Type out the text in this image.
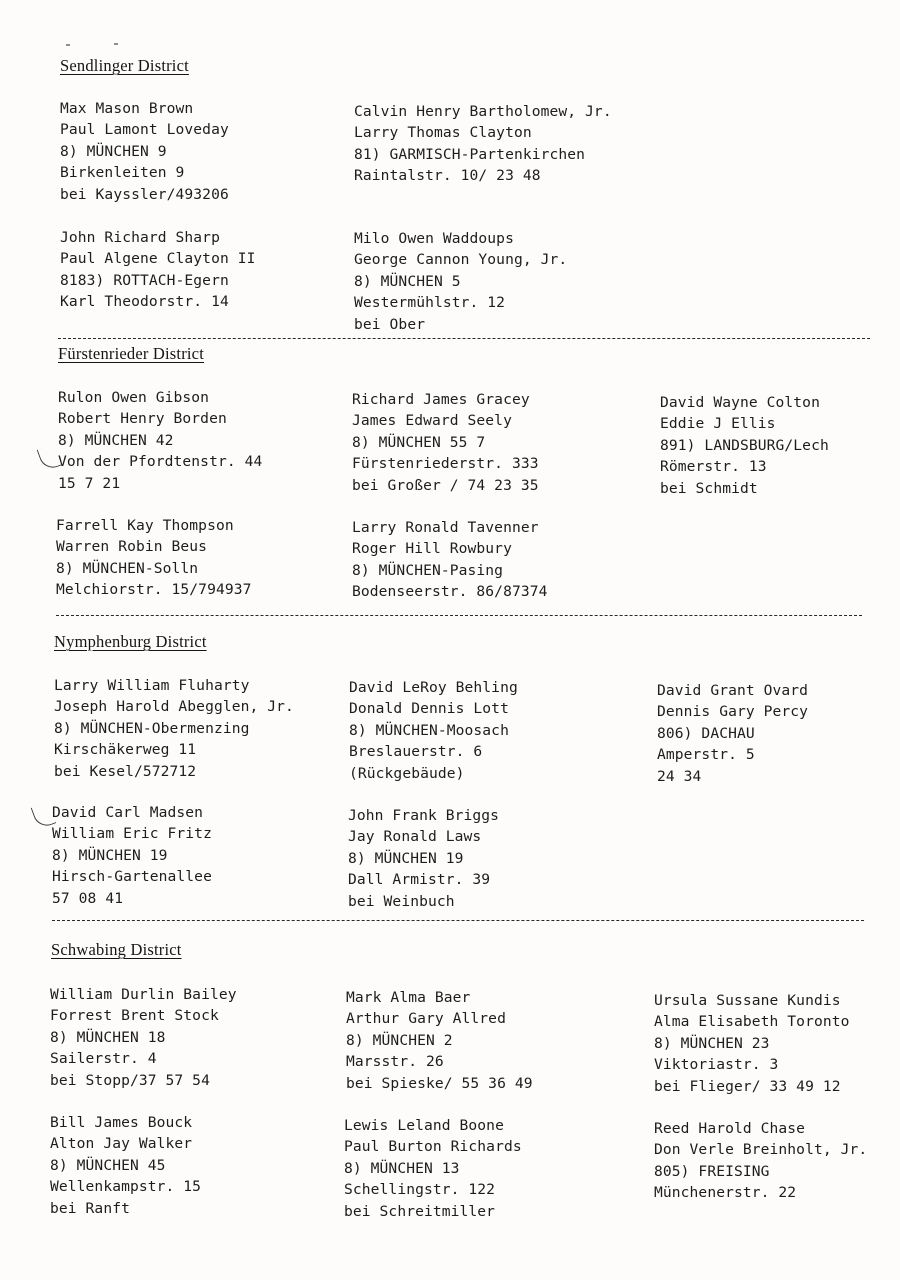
Sendlinger District
Max Mason Brown
Paul Lamont Loveday
8) MÜNCHEN 9
Birkenleiten 9
bei Kayssler/493206
Calvin Henry Bartholomew, Jr.
Larry Thomas Clayton
81) GARMISCH-Partenkirchen
Raintalstr. 10/ 23 48
John Richard Sharp
Paul Algene Clayton II
8183) ROTTACH-Egern
Karl Theodorstr. 14
Milo Owen Waddoups
George Cannon Young, Jr.
8) MÜNCHEN 5
Westermühlstr. 12
bei Ober
Fürstenrieder District
Rulon Owen Gibson
Robert Henry Borden
8) MÜNCHEN 42
Von der Pfordtenstr. 44
15 7 21
Richard James Gracey
James Edward Seely
8) MÜNCHEN 55 7
Fürstenriederstr. 333
bei Großer / 74 23 35
David Wayne Colton
Eddie J Ellis
891) LANDSBURG/Lech
Römerstr. 13
bei Schmidt
Farrell Kay Thompson
Warren Robin Beus
8) MÜNCHEN-Solln
Melchiorstr. 15/794937
Larry Ronald Tavenner
Roger Hill Rowbury
8) MÜNCHEN-Pasing
Bodenseerstr. 86/87374
Nymphenburg District
Larry William Fluharty
Joseph Harold Abegglen, Jr.
8) MÜNCHEN-Obermenzing
Kirschäkerweg 11
bei Kesel/572712
David LeRoy Behling
Donald Dennis Lott
8) MÜNCHEN-Moosach
Breslauerstr. 6
(Rückgebäude)
David Grant Ovard
Dennis Gary Percy
806) DACHAU
Amperstr. 5
24 34
David Carl Madsen
William Eric Fritz
8) MÜNCHEN 19
Hirsch-Gartenallee
57 08 41
John Frank Briggs
Jay Ronald Laws
8) MÜNCHEN 19
Dall Armistr. 39
bei Weinbuch
Schwabing District
William Durlin Bailey
Forrest Brent Stock
8) MÜNCHEN 18
Sailerstr. 4
bei Stopp/37 57 54
Mark Alma Baer
Arthur Gary Allred
8) MÜNCHEN 2
Marsstr. 26
bei Spieske/ 55 36 49
Ursula Sussane Kundis
Alma Elisabeth Toronto
8) MÜNCHEN 23
Viktoriastr. 3
bei Flieger/ 33 49 12
Bill James Bouck
Alton Jay Walker
8) MÜNCHEN 45
Wellenkampstr. 15
bei Ranft
Lewis Leland Boone
Paul Burton Richards
8) MÜNCHEN 13
Schellingstr. 122
bei Schreitmiller
Reed Harold Chase
Don Verle Breinholt, Jr.
805) FREISING
Münchenerstr. 22
